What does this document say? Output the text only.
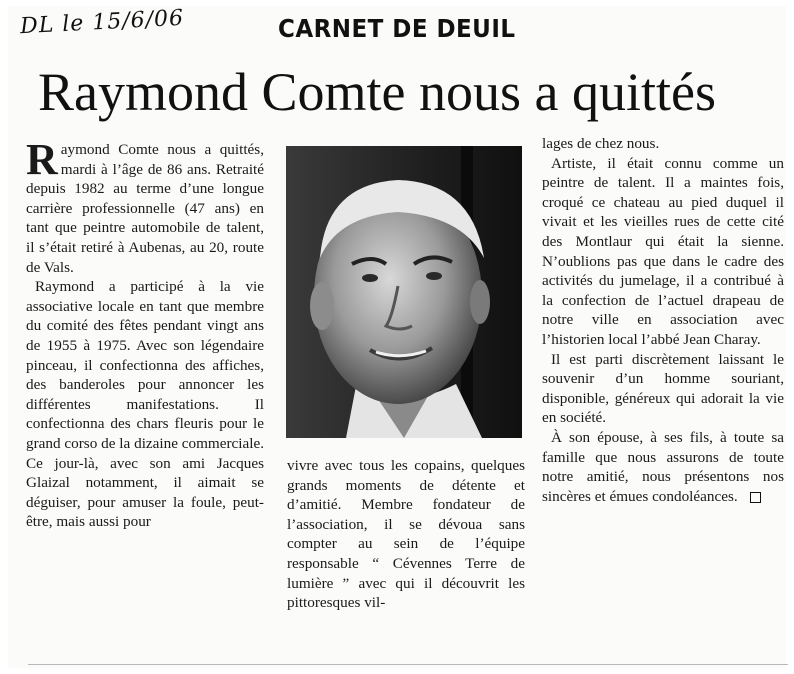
DL le 15/6/06	CARNET DE DEUIL
Raymond Comte nous a quittés

Raymond Comte nous a quittés, mardi à l’âge de 86 ans. Retraité depuis 1982 au terme d’une longue carrière professionnelle (47 ans) en tant que peintre automobile de talent, il s’était retiré à Aubenas, au 20, route de Vals.

Raymond a participé à la vie associative locale en tant que membre du comité des fêtes pendant vingt ans de 1955 à 1975. Avec son légendaire pinceau, il confectionna des affiches, des banderoles pour annoncer les différentes manifestations. Il confectionna des chars fleuris pour le grand corso de la dizaine commerciale. Ce jour-là, avec son ami Jacques Glaizal notamment, il aimait se déguiser, pour amuser la foule, peut-être, mais aussi pour

vivre avec tous les copains, quelques grands moments de détente et d’amitié. Membre fondateur de l’association, il se dévoua sans compter au sein de l’équipe responsable “ Cévennes Terre de lumière ” avec qui il découvrit les pittoresques vil-

lages de chez nous.

Artiste, il était connu comme un peintre de talent. Il a maintes fois, croqué ce chateau au pied duquel il vivait et les vieilles rues de cette cité des Montlaur qui était la sienne. N’oublions pas que dans le cadre des activités du jumelage, il a contribué à la confection de l’actuel drapeau de notre ville en association avec l’historien local l’abbé Jean Charay.

Il est parti discrètement laissant le souvenir d’un homme souriant, disponible, généreux qui adorait la vie en société.

À son épouse, à ses fils, à toute sa famille que nous assurons de toute notre amitié, nous présentons nos sincères et émues condoléances.
